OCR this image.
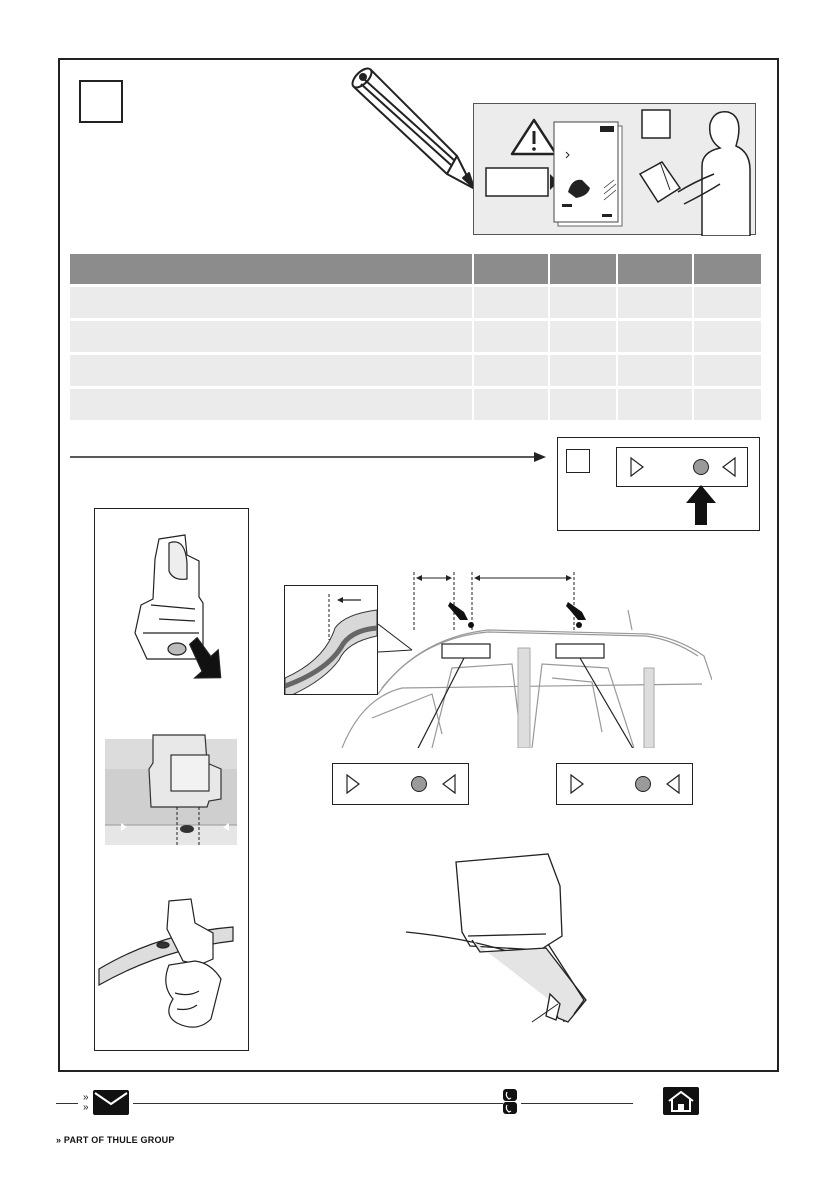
»
»
» PART OF THULE GROUP
